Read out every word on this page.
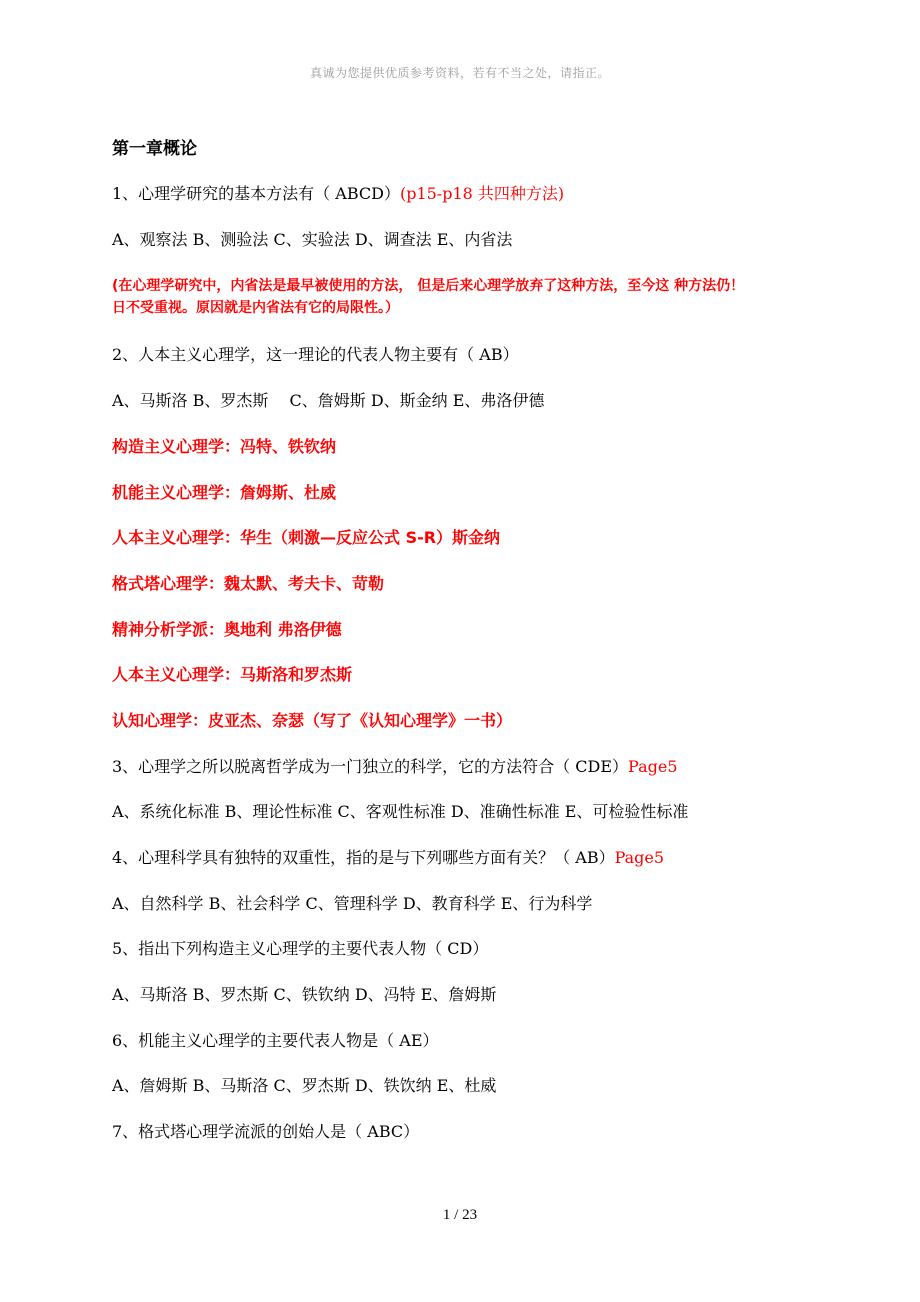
真诚为您提供优质参考资料，若有不当之处，请指正。
第一章概论
1、心理学研究的基本方法有（ ABCD）(p15-p18 共四种方法)
A、观察法 B、测验法 C、实验法 D、调查法 E、内省法
(在心理学研究中，内省法是最早被使用的方法， 但是后来心理学放弃了这种方法，至今这 种方法仍！
日不受重视。原因就是内省法有它的局限性。）
2、人本主义心理学，这一理论的代表人物主要有（ AB）
A、马斯洛 B、罗杰斯　 C、詹姆斯 D、斯金纳 E、弗洛伊德
构造主义心理学：冯特、铁钦纳
机能主义心理学：詹姆斯、杜威
人本主义心理学：华生（刺激—反应公式 S-R）斯金纳
格式塔心理学：魏太默、考夫卡、苛勒
精神分析学派：奥地利 弗洛伊德
人本主义心理学：马斯洛和罗杰斯
认知心理学：皮亚杰、奈瑟（写了《认知心理学》一书）
3、心理学之所以脱离哲学成为一门独立的科学，它的方法符合（ CDE）Page5
A、系统化标准 B、理论性标准 C、客观性标准 D、准确性标准 E、可检验性标准
4、心理科学具有独特的双重性，指的是与下列哪些方面有关？（ AB）Page5
A、自然科学 B、社会科学 C、管理科学 D、教育科学 E、行为科学
5、指出下列构造主义心理学的主要代表人物（ CD）
A、马斯洛 B、罗杰斯 C、铁钦纳 D、冯特 E、詹姆斯
6、机能主义心理学的主要代表人物是（ AE）
A、詹姆斯 B、马斯洛 C、罗杰斯 D、铁饮纳 E、杜威
7、格式塔心理学流派的创始人是（ ABC）
1 / 23
